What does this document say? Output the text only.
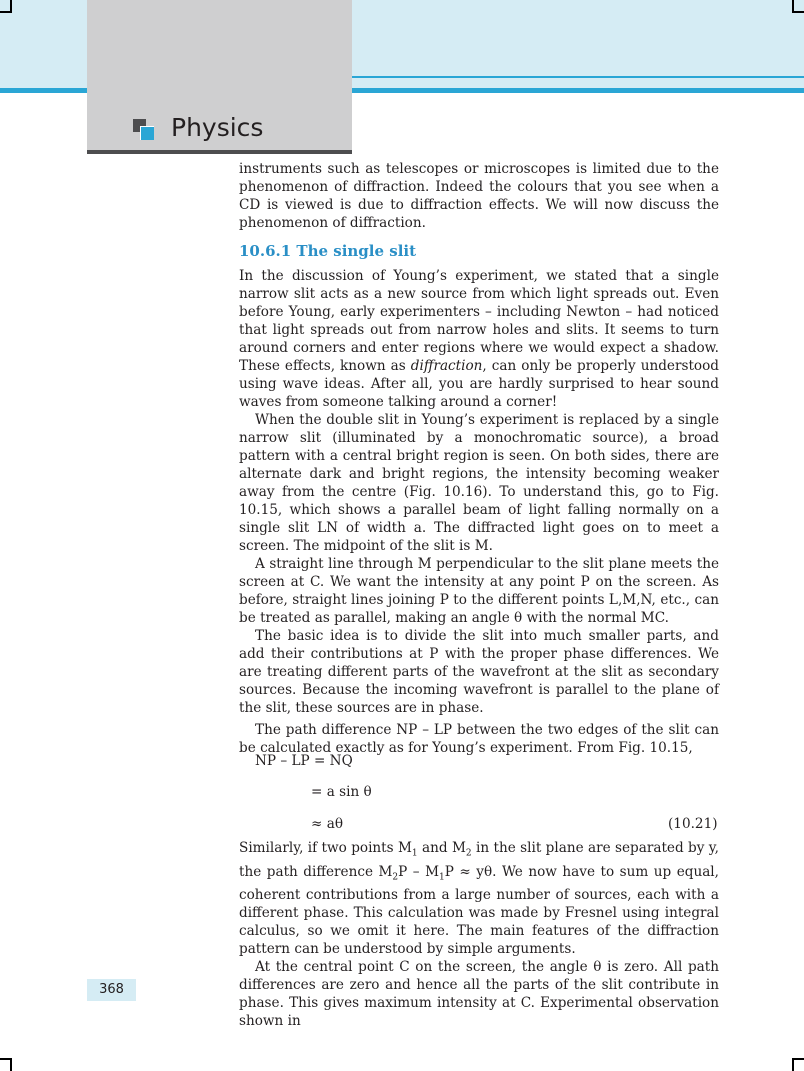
Physics

instruments such as telescopes or microscopes is limited due to the phenomenon of diffraction. Indeed the colours that you see when a CD is viewed is due to diffraction effects. We will now discuss the phenomenon of diffraction.

10.6.1 The single slit

In the discussion of Young’s experiment, we stated that a single narrow slit acts as a new source from which light spreads out. Even before Young, early experimenters – including Newton – had noticed that light spreads out from narrow holes and slits. It seems to turn around corners and enter regions where we would expect a shadow. These effects, known as diffraction, can only be properly understood using wave ideas. After all, you are hardly surprised to hear sound waves from someone talking around a corner!

When the double slit in Young’s experiment is replaced by a single narrow slit (illuminated by a monochromatic source), a broad pattern with a central bright region is seen. On both sides, there are alternate dark and bright regions, the intensity becoming weaker away from the centre (Fig. 10.16). To understand this, go to Fig. 10.15, which shows a parallel beam of light falling normally on a single slit LN of width a. The diffracted light goes on to meet a screen. The midpoint of the slit is M.

A straight line through M perpendicular to the slit plane meets the screen at C. We want the intensity at any point P on the screen. As before, straight lines joining P to the different points L,M,N, etc., can be treated as parallel, making an angle θ with the normal MC.

The basic idea is to divide the slit into much smaller parts, and add their contributions at P with the proper phase differences. We are treating different parts of the wavefront at the slit as secondary sources. Because the incoming wavefront is parallel to the plane of the slit, these sources are in phase.

The path difference NP – LP between the two edges of the slit can be calculated exactly as for Young’s experiment. From Fig. 10.15,

NP – LP = NQ
= a sin θ
≈ aθ	(10.21)

Similarly, if two points $M_1$ and $M_2$ in the slit plane are separated by y, the path difference $M_2P - M_1P \approx y\theta$. We now have to sum up equal, coherent contributions from a large number of sources, each with a different phase. This calculation was made by Fresnel using integral calculus, so we omit it here. The main features of the diffraction pattern can be understood by simple arguments.

At the central point C on the screen, the angle θ is zero. All path differences are zero and hence all the parts of the slit contribute in phase. This gives maximum intensity at C. Experimental observation shown in

368
